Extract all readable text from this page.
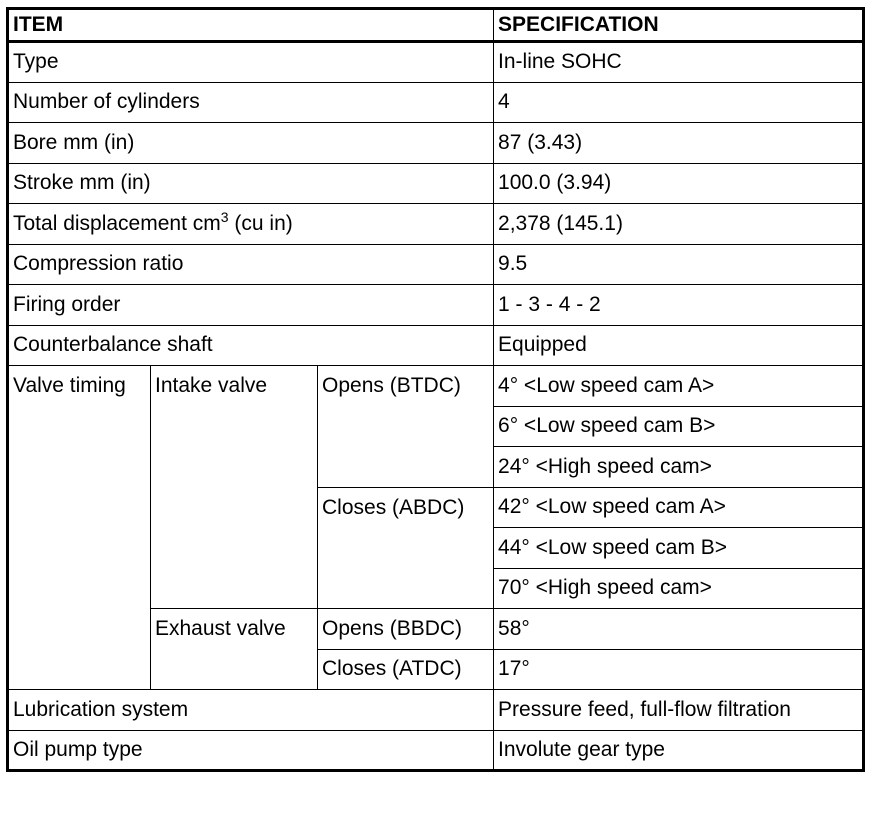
ITEM			SPECIFICATION
Type			In-line SOHC
Number of cylinders			4
Bore mm (in)			87 (3.43)
Stroke mm (in)			100.0 (3.94)
Total displacement $cm^3$ (cu in)			2,378 (145.1)
Compression ratio			9.5
Firing order			1 - 3 - 4 - 2
Counterbalance shaft			Equipped
Valve timing	Intake valve	Opens (BTDC)	4° <Low speed cam A>
			6° <Low speed cam B>
			24° <High speed cam>
		Closes (ABDC)	42° <Low speed cam A>
			44° <Low speed cam B>
			70° <High speed cam>
	Exhaust valve	Opens (BBDC)	58°
		Closes (ATDC)	17°
Lubrication system			Pressure feed, full-flow filtration
Oil pump type			Involute gear type
